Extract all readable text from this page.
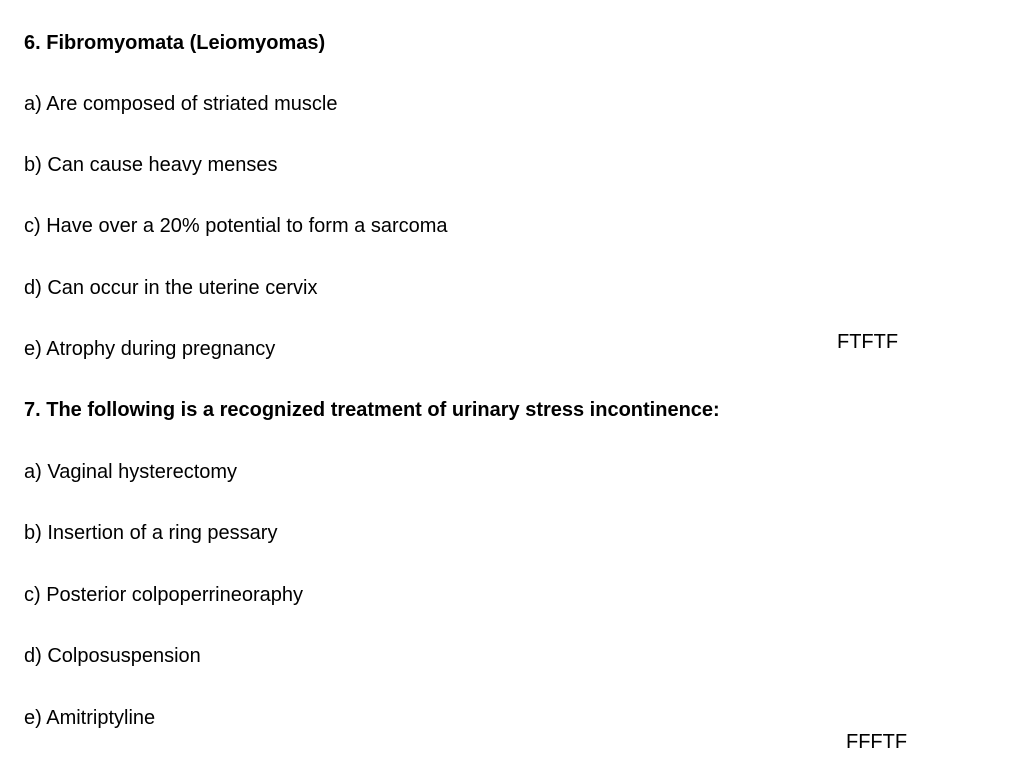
6. Fibromyomata (Leiomyomas)
a) Are composed of striated muscle
b) Can cause heavy menses
c) Have over a 20% potential to form a sarcoma
d) Can occur in the uterine cervix
e) Atrophy during pregnancy	FTFTF
7. The following is a recognized treatment of urinary stress incontinence:
a) Vaginal hysterectomy
b) Insertion of a ring pessary
c) Posterior colpoperrineoraphy
d) Colposuspension
e) Amitriptyline
FFFTF
